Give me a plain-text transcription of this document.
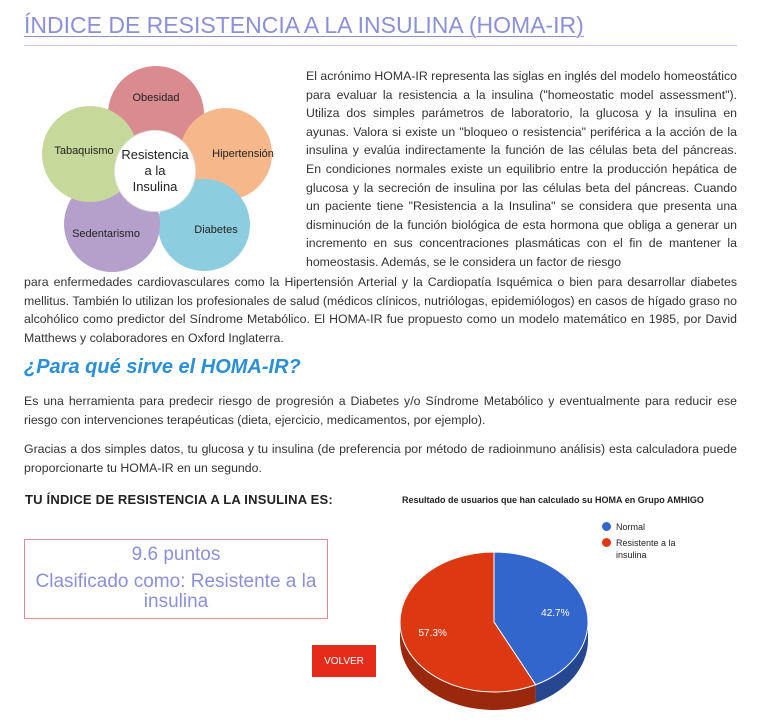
ÍNDICE DE RESISTENCIA A LA INSULINA (HOMA-IR)
Obesidad
Hipertensión
Diabetes
Sedentarismo
Tabaquismo Resistencia
a la
Insulina

El acrónimo HOMA-IR representa las siglas en inglés del modelo homeostático para evaluar la resistencia a la insulina ("homeostatic model assessment"). Utiliza dos simples parámetros de laboratorio, la glucosa y la insulina en ayunas. Valora si existe un "bloqueo o resistencia" periférica a la acción de la insulina y evalúa indirectamente la función de las células beta del páncreas. En condiciones normales existe un equilibrio entre la producción hepática de glucosa y la secreción de insulina por las células beta del páncreas. Cuando un paciente tiene "Resistencia a la Insulina" se considera que presenta una disminución de la función biológica de esta hormona que obliga a generar un incremento en sus concentraciones plasmáticas con el fin de mantener la homeostasis. Además, se le considera un factor de riesgo

para enfermedades cardiovasculares como la Hipertensión Arterial y la Cardiopatía Isquémica o bien para desarrollar diabetes mellitus. También lo utilizan los profesionales de salud (médicos clínicos, nutriólogas, epidemiólogos) en casos de hígado graso no alcohólico como predictor del Síndrome Metabólico. El HOMA-IR fue propuesto como un modelo matemático en 1985, por David Matthews y colaboradores en Oxford Inglaterra.

¿Para qué sirve el HOMA-IR?

Es una herramienta para predecir riesgo de progresión a Diabetes y/o Síndrome Metabólico y eventualmente para reducir ese riesgo con intervenciones terapéuticas (dieta, ejercicio, medicamentos, por ejemplo).

Gracias a dos simples datos, tu glucosa y tu insulina (de preferencia por método de radioinmuno análisis) esta calculadora puede proporcionarte tu HOMA-IR en un segundo.

TU ÍNDICE DE RESISTENCIA A LA INSULINA ES:

9.6 puntos
Clasificado como: Resistente a la insulina
VOLVER
Resultado de usuarios que han calculado su HOMA en Grupo AMHIGO
Normal
Resistente a la insulina
42.7%
57.3%
